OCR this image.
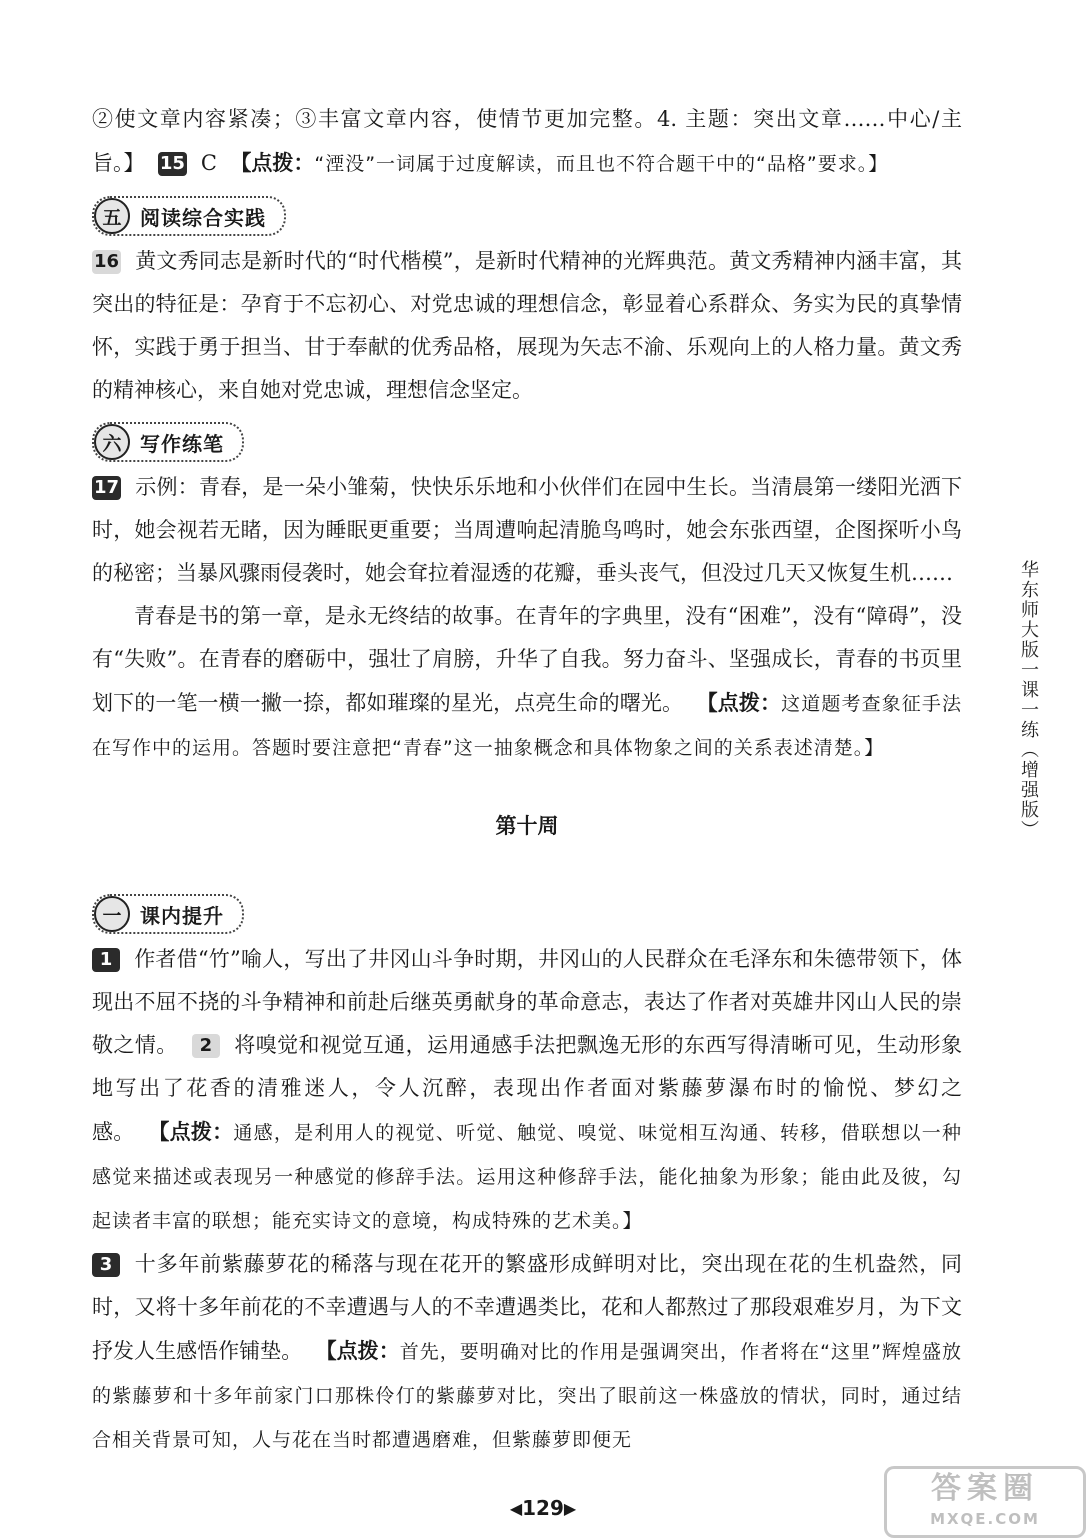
②使文章内容紧凑；③丰富文章内容，使情节更加完整。4. 主题：突出文章……中心/主旨。】 15 C 【点拨：“湮没”一词属于过度解读，而且也不符合题干中的“品格”要求。】

五 阅读综合实践

16 黄文秀同志是新时代的“时代楷模”，是新时代精神的光辉典范。黄文秀精神内涵丰富，其突出的特征是：孕育于不忘初心、对党忠诚的理想信念，彰显着心系群众、务实为民的真挚情怀，实践于勇于担当、甘于奉献的优秀品格，展现为矢志不渝、乐观向上的人格力量。黄文秀的精神核心，来自她对党忠诚，理想信念坚定。

六 写作练笔

17 示例：青春，是一朵小雏菊，快快乐乐地和小伙伴们在园中生长。当清晨第一缕阳光洒下时，她会视若无睹，因为睡眠更重要；当周遭响起清脆鸟鸣时，她会东张西望，企图探听小鸟的秘密；当暴风骤雨侵袭时，她会耷拉着湿透的花瓣，垂头丧气，但没过几天又恢复生机……

青春是书的第一章，是永无终结的故事。在青年的字典里，没有“困难”，没有“障碍”，没有“失败”。在青春的磨砺中，强壮了肩膀，升华了自我。努力奋斗、坚强成长，青春的书页里划下的一笔一横一撇一捺，都如璀璨的星光，点亮生命的曙光。 【点拨：这道题考查象征手法在写作中的运用。答题时要注意把“青春”这一抽象概念和具体物象之间的关系表述清楚。】

第十周
一 课内提升

1 作者借“竹”喻人，写出了井冈山斗争时期，井冈山的人民群众在毛泽东和朱德带领下，体现出不屈不挠的斗争精神和前赴后继英勇献身的革命意志，表达了作者对英雄井冈山人民的崇敬之情。 2 将嗅觉和视觉互通，运用通感手法把飘逸无形的东西写得清晰可见，生动形象地写出了花香的清雅迷人，令人沉醉，表现出作者面对紫藤萝瀑布时的愉悦、梦幻之感。 【点拨：通感，是利用人的视觉、听觉、触觉、嗅觉、味觉相互沟通、转移，借联想以一种感觉来描述或表现另一种感觉的修辞手法。运用这种修辞手法，能化抽象为形象；能由此及彼，勾起读者丰富的联想；能充实诗文的意境，构成特殊的艺术美。】

3 十多年前紫藤萝花的稀落与现在花开的繁盛形成鲜明对比，突出现在花的生机盎然，同时，又将十多年前花的不幸遭遇与人的不幸遭遇类比，花和人都熬过了那段艰难岁月，为下文抒发人生感悟作铺垫。 【点拨：首先，要明确对比的作用是强调突出，作者将在“这里”辉煌盛放的紫藤萝和十多年前家门口那株伶仃的紫藤萝对比，突出了眼前这一株盛放的情状，同时，通过结合相关背景可知，人与花在当时都遭遇磨难，但紫藤萝即便无

华东师大版一课一练（增强版）
◀129▶
答案圈
MXQE.COM
